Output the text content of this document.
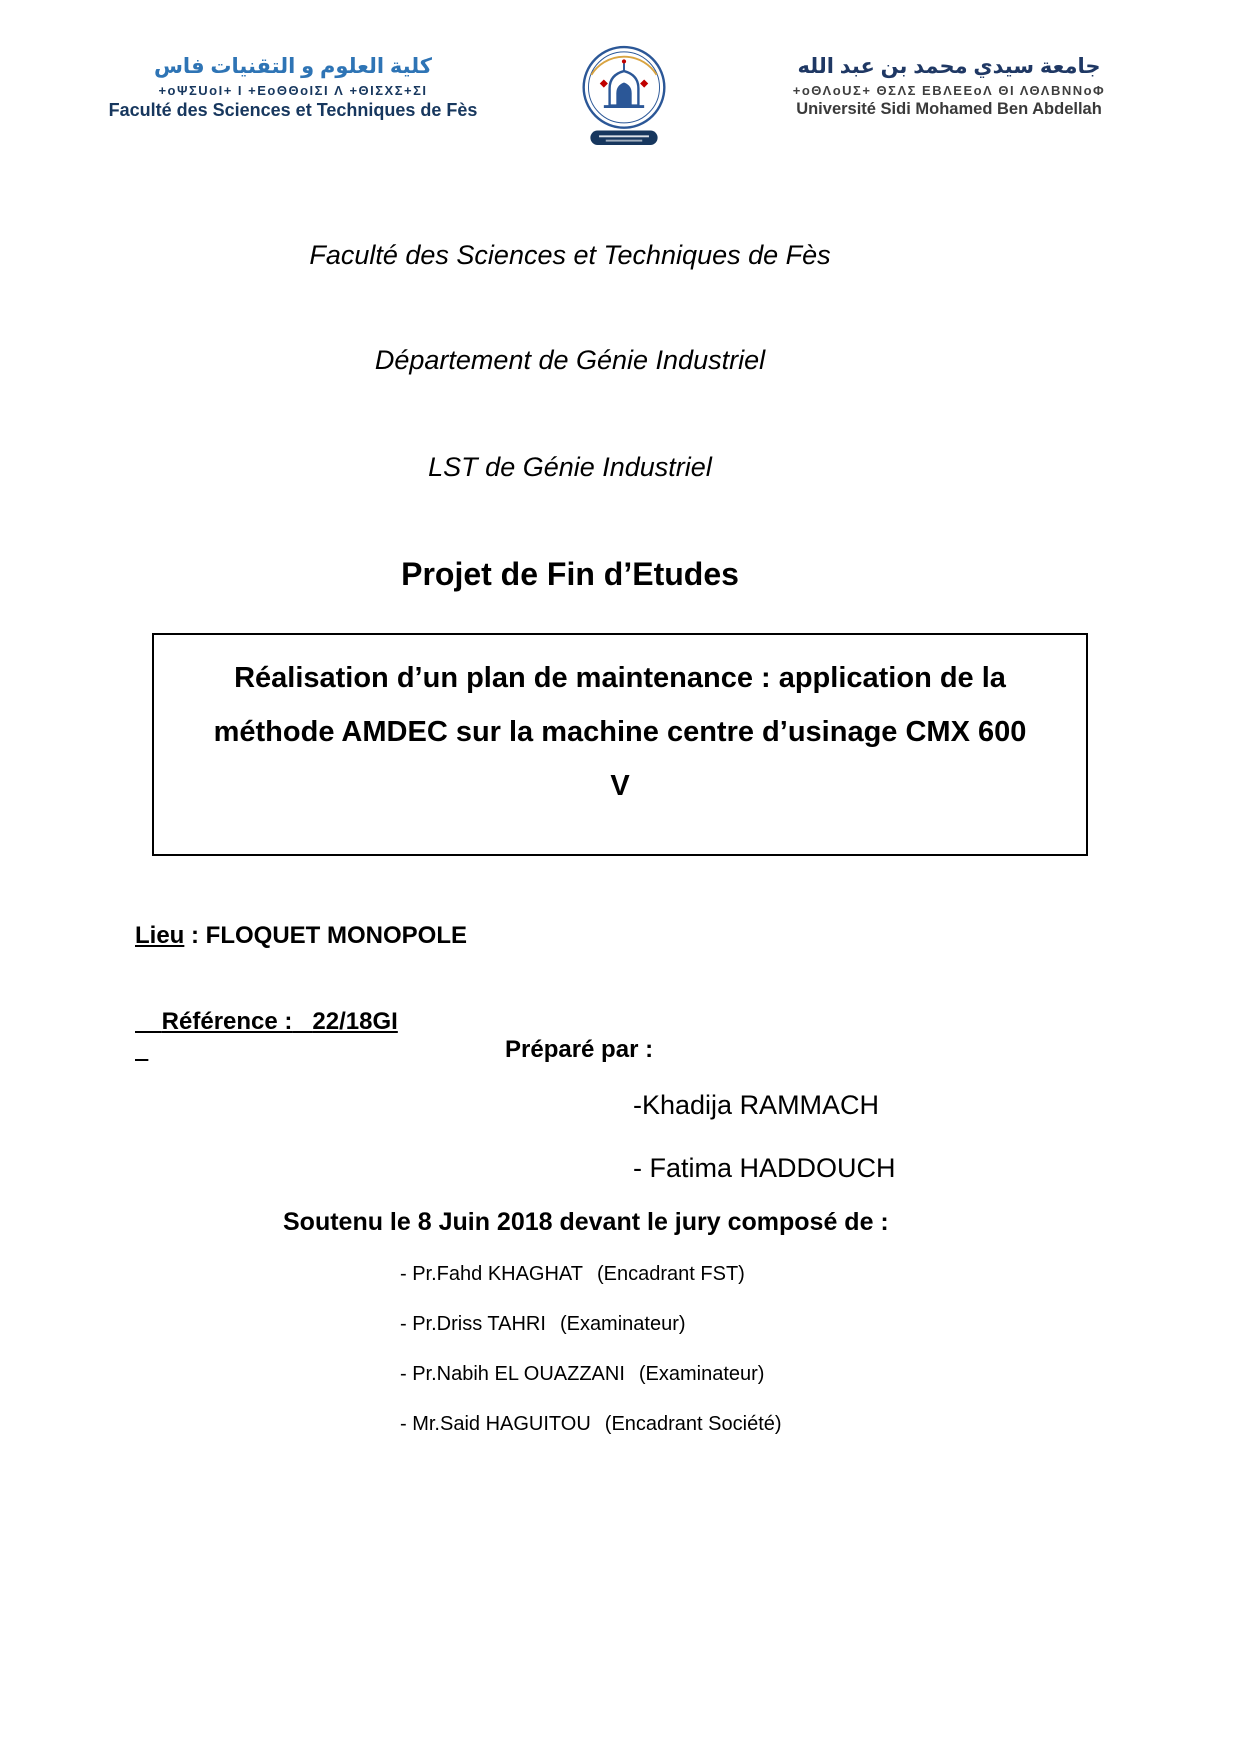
كلية العلوم و التقنيات فاس
+oΨΣUoI+ I +ΕoΘΘoIΣI Λ +ΘIΣΧΣ+ΣI
Faculté des Sciences et Techniques de Fès
جامعة سيدي محمد بن عبد الله
+oΘΛoUΣ+ ΘΣΛΣ ΕΒΛΕΕoΛ ΘΙ ΛΘΛΒΝΝoΦ
Université Sidi Mohamed Ben Abdellah
Faculté des Sciences et Techniques de Fès
Département de Génie Industriel
LST de Génie Industriel
Projet de Fin d’Etudes
Réalisation d’un plan de maintenance : application de la méthode AMDEC sur la machine centre d’usinage CMX 600 V
Lieu : FLOQUET MONOPOLE

Référence : 22/18GI

Préparé par :
-Khadija RAMMACH
- Fatima HADDOUCH
Soutenu le 8 Juin 2018 devant le jury composé de :
- Pr.Fahd KHAGHAT (Encadrant FST)
- Pr.Driss TAHRI (Examinateur)
- Pr.Nabih EL OUAZZANI (Examinateur)
- Mr.Said HAGUITOU (Encadrant Société)
